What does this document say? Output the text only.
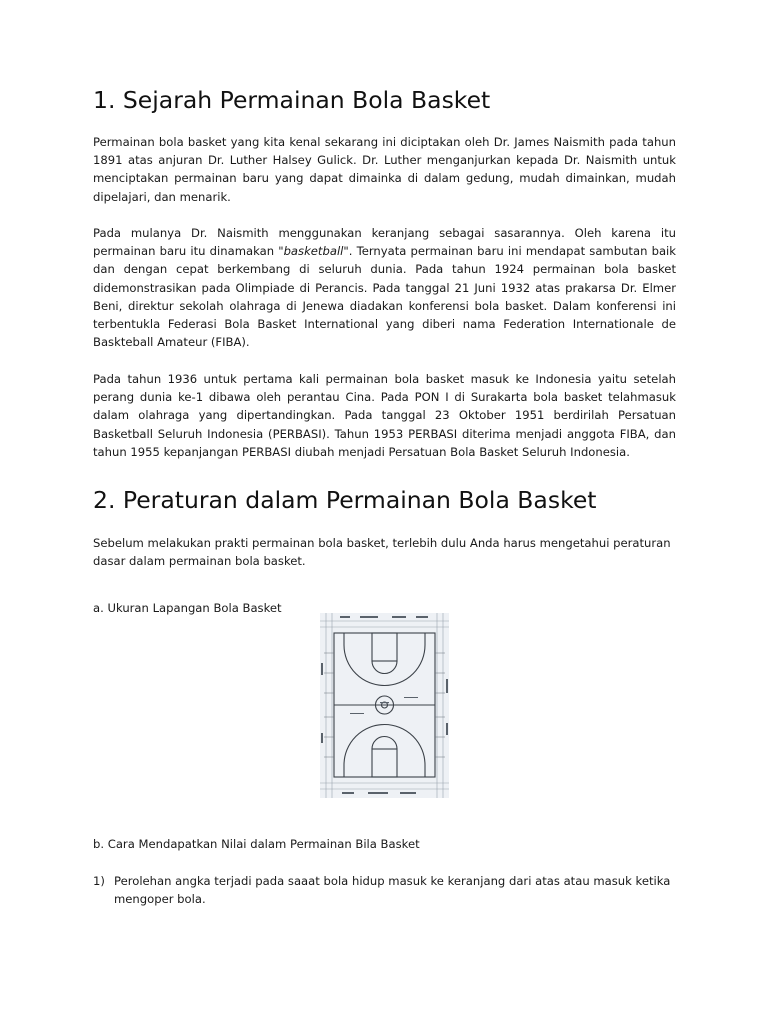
1. Sejarah Permainan Bola Basket

Permainan bola basket yang kita kenal sekarang ini diciptakan oleh Dr. James Naismith pada tahun 1891 atas anjuran Dr. Luther Halsey Gulick. Dr. Luther menganjurkan kepada Dr. Naismith untuk menciptakan permainan baru yang dapat dimainka di dalam gedung, mudah dimainkan, mudah dipelajari, dan menarik.

Pada mulanya Dr. Naismith menggunakan keranjang sebagai sasarannya. Oleh karena itu permainan baru itu dinamakan "basketball". Ternyata permainan baru ini mendapat sambutan baik dan dengan cepat berkembang di seluruh dunia. Pada tahun 1924 permainan bola basket didemonstrasikan pada Olimpiade di Perancis. Pada tanggal 21 Juni 1932 atas prakarsa Dr. Elmer Beni, direktur sekolah olahraga di Jenewa diadakan konferensi bola basket. Dalam konferensi ini terbentukla Federasi Bola Basket International yang diberi nama Federation Internationale de Baskteball Amateur (FIBA).

Pada tahun 1936 untuk pertama kali permainan bola basket masuk ke Indonesia yaitu setelah perang dunia ke-1 dibawa oleh perantau Cina. Pada PON I di Surakarta bola basket telahmasuk dalam olahraga yang dipertandingkan. Pada tanggal 23 Oktober 1951 berdirilah Persatuan Basketball Seluruh Indonesia (PERBASI). Tahun 1953 PERBASI diterima menjadi anggota FIBA, dan tahun 1955 kepanjangan PERBASI diubah menjadi Persatuan Bola Basket Seluruh Indonesia.

2. Peraturan dalam Permainan Bola Basket

Sebelum melakukan prakti permainan bola basket, terlebih dulu Anda harus mengetahui peraturan dasar dalam permainan bola basket.

a. Ukuran Lapangan Bola Basket

b. Cara Mendapatkan Nilai dalam Permainan Bila Basket

1) Perolehan angka terjadi pada saaat bola hidup masuk ke keranjang dari atas atau masuk ketika
mengoper bola.
